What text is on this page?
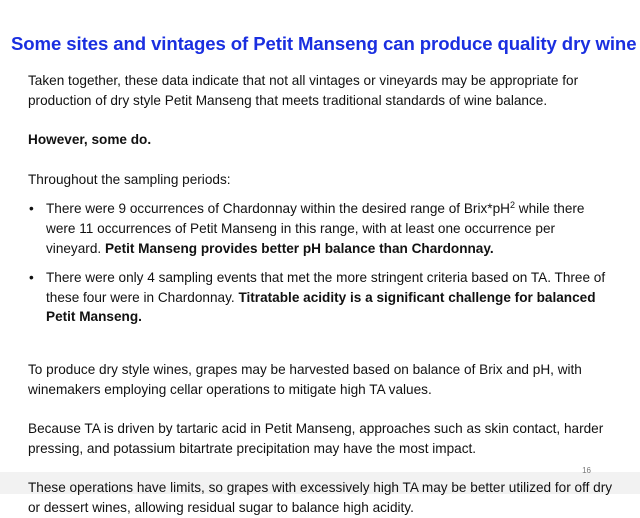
Some sites and vintages of Petit Manseng can produce quality dry wine

Taken together, these data indicate that not all vintages or vineyards may be appropriate for production of dry style Petit Manseng that meets traditional standards of wine balance.

However, some do.

Throughout the sampling periods:

• There were 9 occurrences of Chardonnay within the desired range of $Brix*pH^2$ while there were 11 occurrences of Petit Manseng in this range, with at least one occurrence per vineyard. Petit Manseng provides better pH balance than Chardonnay.
• There were only 4 sampling events that met the more stringent criteria based on TA. Three of these four were in Chardonnay. Titratable acidity is a significant challenge for balanced Petit Manseng.

To produce dry style wines, grapes may be harvested based on balance of Brix and pH, with winemakers employing cellar operations to mitigate high TA values.

Because TA is driven by tartaric acid in Petit Manseng, approaches such as skin contact, harder pressing, and potassium bitartrate precipitation may have the most impact.

These operations have limits, so grapes with excessively high TA may be better utilized for off dry or dessert wines, allowing residual sugar to balance high acidity.

16
